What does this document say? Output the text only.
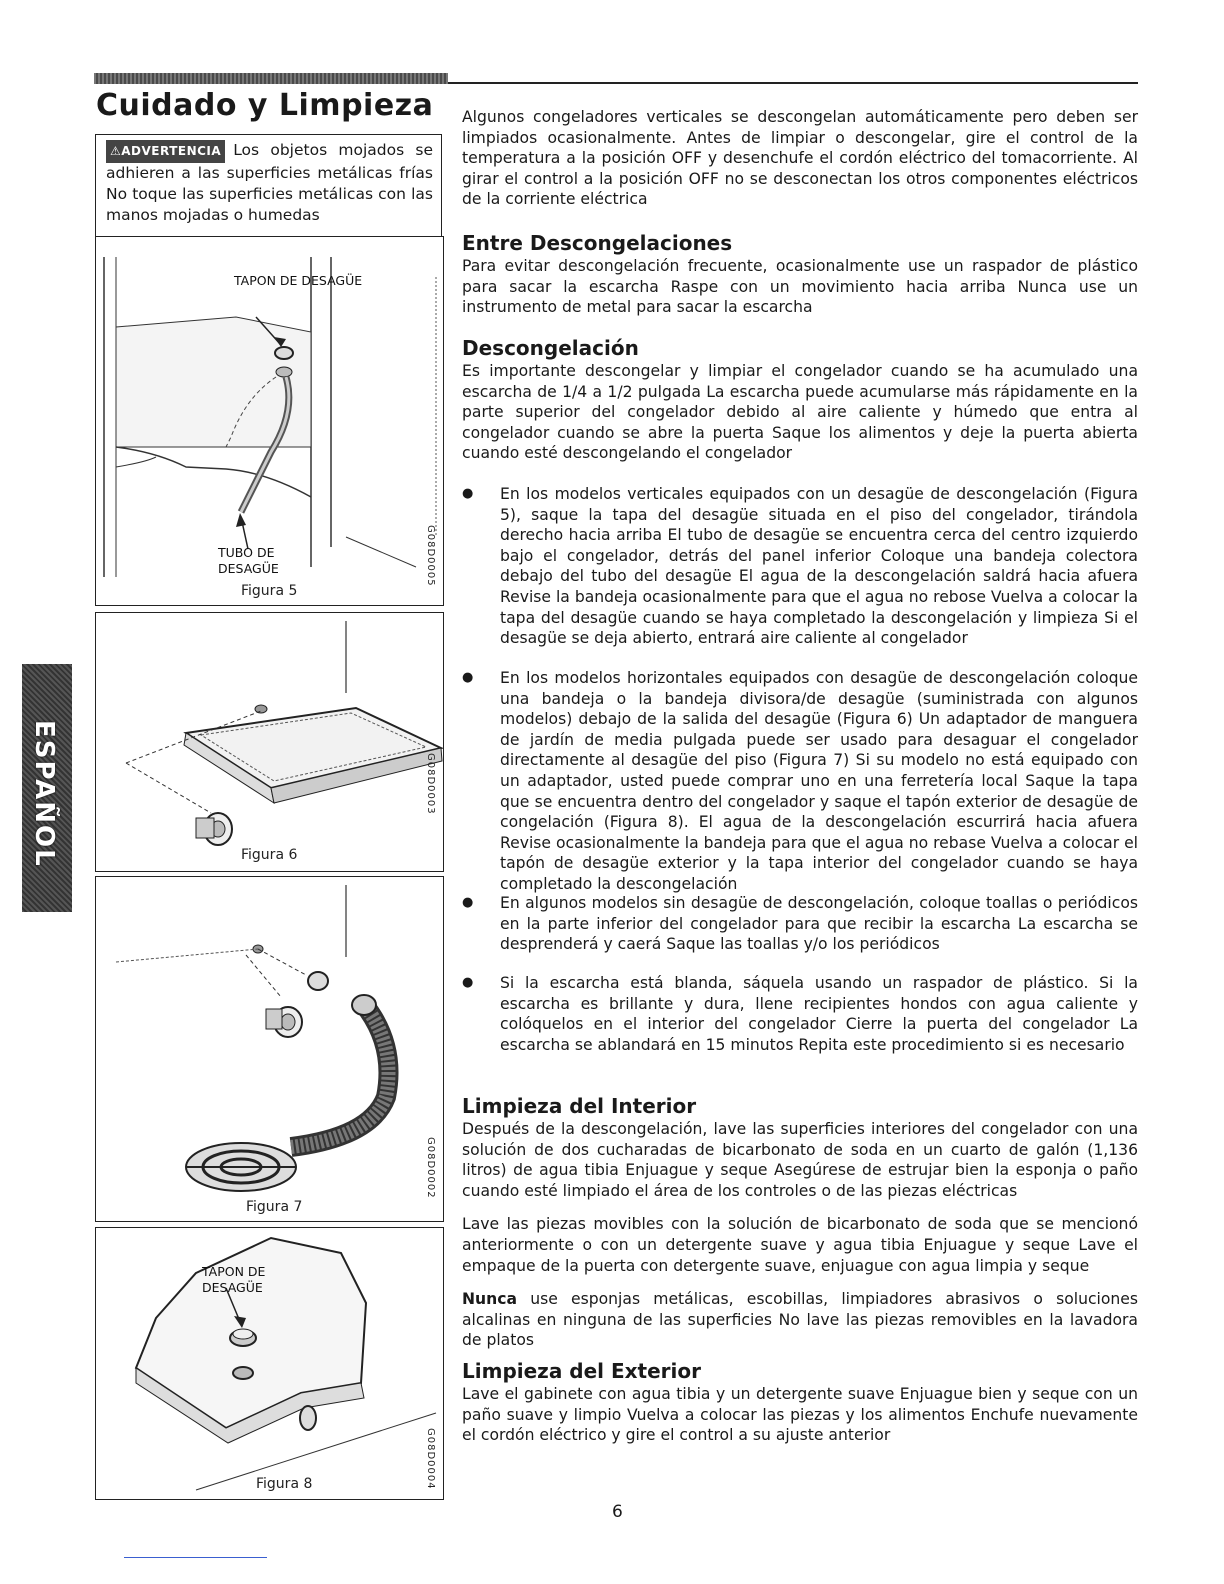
Cuidado y Limpieza
⚠ADVERTENCIA Los objetos mojados se adhieren a las superficies metálicas frías No toque las superficies metálicas con las manos mojadas o humedas
TAPON DE DESAGÜE
TUBO DE DESAGÜE
Figura 5
G08D0005
Figura 6
G08D0003
Figura 7
G08D0002
TAPON DE DESAGÜE
Figura 8	G08D0004
ESPAÑOL

Algunos congeladores verticales se descongelan automáticamente pero deben ser limpiados ocasionalmente. Antes de limpiar o descongelar, gire el control de la temperatura a la posición OFF y desenchufe el cordón eléctrico del tomacorriente. Al girar el control a la posición OFF no se desconectan los otros componentes eléctricos de la corriente eléctrica

Entre Descongelaciones

Para evitar descongelación frecuente, ocasionalmente use un raspador de plástico para sacar la escarcha Raspe con un movimiento hacia arriba Nunca use un instrumento de metal para sacar la escarcha

Descongelación

Es importante descongelar y limpiar el congelador cuando se ha acumulado una escarcha de 1/4 a 1/2 pulgada La escarcha puede acumularse más rápidamente en la parte superior del congelador debido al aire caliente y húmedo que entra al congelador cuando se abre la puerta Saque los alimentos y deje la puerta abierta cuando esté descongelando el congelador

● En los modelos verticales equipados con un desagüe de descongelación (Figura 5), saque la tapa del desagüe situada en el piso del congelador, tirándola derecho hacia arriba El tubo de desagüe se encuentra cerca del centro izquierdo bajo el congelador, detrás del panel inferior Coloque una bandeja colectora debajo del tubo del desagüe El agua de la descongelación saldrá hacia afuera Revise la bandeja ocasionalmente para que el agua no rebose Vuelva a colocar la tapa del desagüe cuando se haya completado la descongelación y limpieza Si el desagüe se deja abierto, entrará aire caliente al congelador

● En los modelos horizontales equipados con desagüe de descongelación coloque una bandeja o la bandeja divisora/de desagüe (suministrada con algunos modelos) debajo de la salida del desagüe (Figura 6) Un adaptador de manguera de jardín de media pulgada puede ser usado para desaguar el congelador directamente al desagüe del piso (Figura 7) Si su modelo no está equipado con un adaptador, usted puede comprar uno en una ferretería local Saque la tapa que se encuentra dentro del congelador y saque el tapón exterior de desagüe de congelación (Figura 8). El agua de la descongelación escurrirá hacia afuera Revise ocasionalmente la bandeja para que el agua no rebase Vuelva a colocar el tapón de desagüe exterior y la tapa interior del congelador cuando se haya completado la descongelación

● En algunos modelos sin desagüe de descongelación, coloque toallas o periódicos en la parte inferior del congelador para que recibir la escarcha La escarcha se desprenderá y caerá Saque las toallas y/o los periódicos

● Si la escarcha está blanda, sáquela usando un raspador de plástico. Si la escarcha es brillante y dura, llene recipientes hondos con agua caliente y colóquelos en el interior del congelador Cierre la puerta del congelador La escarcha se ablandará en 15 minutos Repita este procedimiento si es necesario

Limpieza del Interior

Después de la descongelación, lave las superficies interiores del congelador con una solución de dos cucharadas de bicarbonato de soda en un cuarto de galón (1,136 litros) de agua tibia Enjuague y seque Asegúrese de estrujar bien la esponja o paño cuando esté limpiado el área de los controles o de las piezas eléctricas

Lave las piezas movibles con la solución de bicarbonato de soda que se mencionó anteriormente o con un detergente suave y agua tibia Enjuague y seque Lave el empaque de la puerta con detergente suave, enjuague con agua limpia y seque

Nunca use esponjas metálicas, escobillas, limpiadores abrasivos o soluciones alcalinas en ninguna de las superficies No lave las piezas removibles en la lavadora de platos

Limpieza del Exterior

Lave el gabinete con agua tibia y un detergente suave Enjuague bien y seque con un paño suave y limpio Vuelva a colocar las piezas y los alimentos Enchufe nuevamente el cordón eléctrico y gire el control a su ajuste anterior

6
